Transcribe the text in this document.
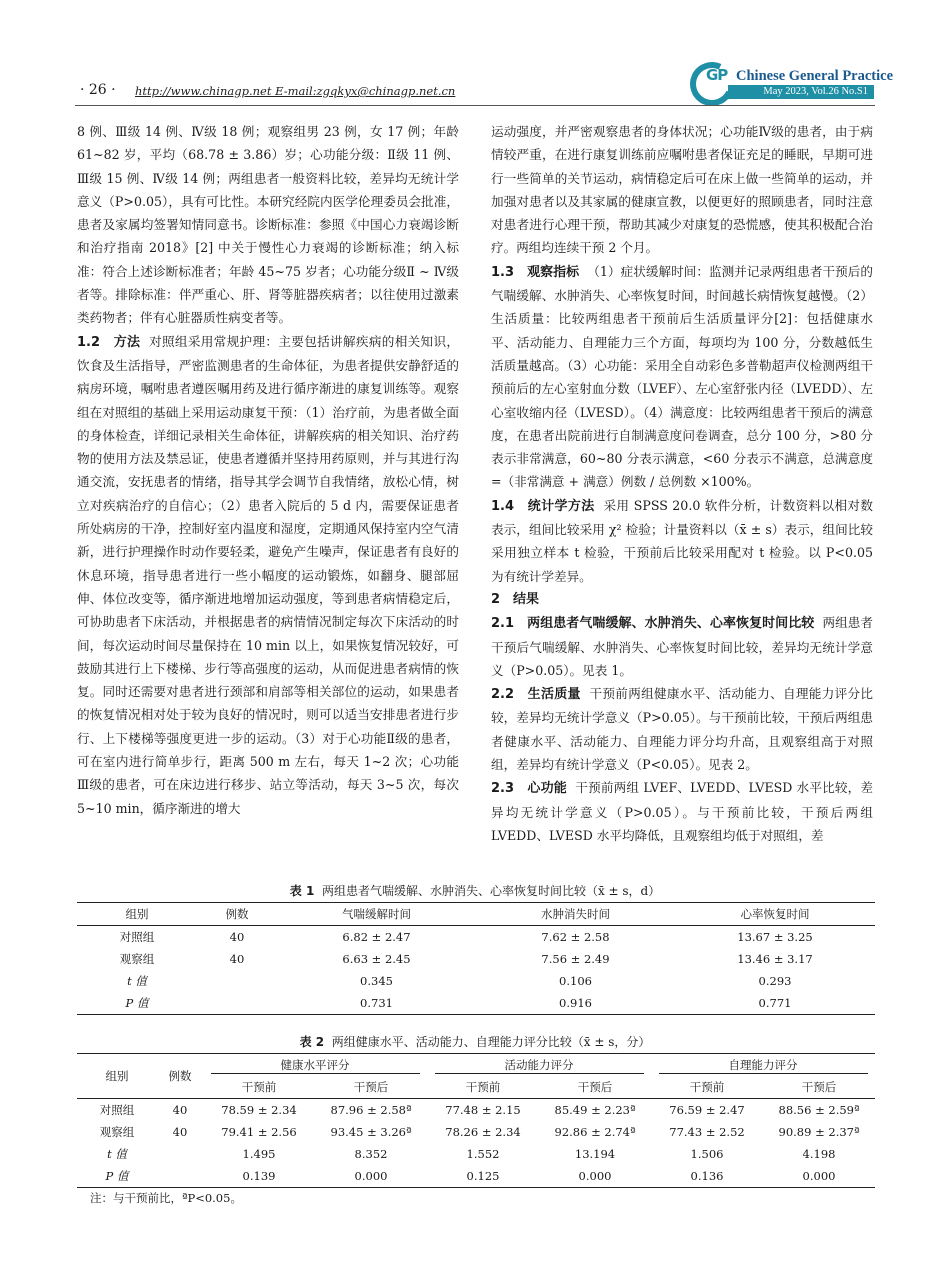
· 26 · http://www.chinagp.net E-mail:zgqkyx@chinagp.net.cn
GP Chinese General Practice
May 2023, Vol.26 No.S1

8 例、Ⅲ级 14 例、Ⅳ级 18 例；观察组男 23 例，女 17 例；年龄 61~82 岁，平均（68.78 ± 3.86）岁；心功能分级：Ⅱ级 11 例、Ⅲ级 15 例、Ⅳ级 14 例；两组患者一般资料比较，差异均无统计学意义（P>0.05），具有可比性。本研究经院内医学伦理委员会批准，患者及家属均签署知情同意书。诊断标准：参照《中国心力衰竭诊断和治疗指南 2018》[2] 中关于慢性心力衰竭的诊断标准；纳入标准：符合上述诊断标准者；年龄 45~75 岁者；心功能分级Ⅱ ~ Ⅳ级者等。排除标准：伴严重心、肝、肾等脏器疾病者；以往使用过激素类药物者；伴有心脏器质性病变者等。

1.2　方法 对照组采用常规护理：主要包括讲解疾病的相关知识，饮食及生活指导，严密监测患者的生命体征，为患者提供安静舒适的病房环境，嘱咐患者遵医嘱用药及进行循序渐进的康复训练等。观察组在对照组的基础上采用运动康复干预：（1）治疗前，为患者做全面的身体检查，详细记录相关生命体征，讲解疾病的相关知识、治疗药物的使用方法及禁忌证，使患者遵循并坚持用药原则，并与其进行沟通交流，安抚患者的情绪，指导其学会调节自我情绪，放松心情，树立对疾病治疗的自信心；（2）患者入院后的 5 d 内，需要保证患者所处病房的干净，控制好室内温度和湿度，定期通风保持室内空气清新，进行护理操作时动作要轻柔，避免产生噪声，保证患者有良好的休息环境，指导患者进行一些小幅度的运动锻炼，如翻身、腿部屈伸、体位改变等，循序渐进地增加运动强度，等到患者病情稳定后，可协助患者下床活动，并根据患者的病情情况制定每次下床活动的时间，每次运动时间尽量保持在 10 min 以上，如果恢复情况较好，可鼓励其进行上下楼梯、步行等高强度的运动，从而促进患者病情的恢复。同时还需要对患者进行颈部和肩部等相关部位的运动，如果患者的恢复情况相对处于较为良好的情况时，则可以适当安排患者进行步行、上下楼梯等强度更进一步的运动。（3）对于心功能Ⅱ级的患者，可在室内进行简单步行，距离 500 m 左右，每天 1~2 次；心功能Ⅲ级的患者，可在床边进行移步、站立等活动，每天 3~5 次，每次 5~10 min，循序渐进的增大

运动强度，并严密观察患者的身体状况；心功能Ⅳ级的患者，由于病情较严重，在进行康复训练前应嘱咐患者保证充足的睡眠，早期可进行一些简单的关节运动，病情稳定后可在床上做一些简单的运动，并加强对患者以及其家属的健康宣教，以便更好的照顾患者，同时注意对患者进行心理干预，帮助其减少对康复的恐慌感，使其积极配合治疗。两组均连续干预 2 个月。

1.3　观察指标 （1）症状缓解时间：监测并记录两组患者干预后的气喘缓解、水肿消失、心率恢复时间，时间越长病情恢复越慢。（2）生活质量：比较两组患者干预前后生活质量评分[2]：包括健康水平、活动能力、自理能力三个方面，每项均为 100 分，分数越低生活质量越高。（3）心功能：采用全自动彩色多普勒超声仪检测两组干预前后的左心室射血分数（LVEF）、左心室舒张内径（LVEDD）、左心室收缩内径（LVESD）。（4）满意度：比较两组患者干预后的满意度，在患者出院前进行自制满意度问卷调查，总分 100 分，>80 分表示非常满意，60~80 分表示满意，<60 分表示不满意，总满意度 =（非常满意 + 满意）例数 / 总例数 ×100%。

1.4　统计学方法 采用 SPSS 20.0 软件分析，计数资料以相对数表示，组间比较采用 χ² 检验；计量资料以（x̄ ± s）表示，组间比较采用独立样本 t 检验，干预前后比较采用配对 t 检验。以 P<0.05 为有统计学差异。

2　结果

2.1　两组患者气喘缓解、水肿消失、心率恢复时间比较 两组患者干预后气喘缓解、水肿消失、心率恢复时间比较，差异均无统计学意义（P>0.05）。见表 1。

2.2　生活质量 干预前两组健康水平、活动能力、自理能力评分比较，差异均无统计学意义（P>0.05）。与干预前比较，干预后两组患者健康水平、活动能力、自理能力评分均升高，且观察组高于对照组，差异均有统计学意义（P<0.05）。见表 2。

2.3　心功能 干预前两组 LVEF、LVEDD、LVESD 水平比较，差异均无统计学意义（P>0.05）。与干预前比较，干预后两组 LVEDD、LVESD 水平均降低，且观察组均低于对照组，差

表 1 两组患者气喘缓解、水肿消失、心率恢复时间比较（x̄ ± s，d）
组别	例数	气喘缓解时间	水肿消失时间	心率恢复时间
对照组	40	6.82 ± 2.47	7.62 ± 2.58	13.67 ± 3.25
观察组	40	6.63 ± 2.45	7.56 ± 2.49	13.46 ± 3.17
t 值		0.345	0.106	0.293
P 值		0.731	0.916	0.771
表 2 两组健康水平、活动能力、自理能力评分比较（x̄ ± s，分）
组别	例数	健康水平评分		活动能力评分		自理能力评分	
		干预前	干预后	干预前	干预后	干预前	干预后
对照组	40	78.59 ± 2.34	87.96 ± 2.58ª	77.48 ± 2.15	85.49 ± 2.23ª	76.59 ± 2.47	88.56 ± 2.59ª
观察组	40	79.41 ± 2.56	93.45 ± 3.26ª	78.26 ± 2.34	92.86 ± 2.74ª	77.43 ± 2.52	90.89 ± 2.37ª
t 值		1.495	8.352	1.552	13.194	1.506	4.198
P 值		0.139	0.000	0.125	0.000	0.136	0.000
注：与干预前比，ªP<0.05。
